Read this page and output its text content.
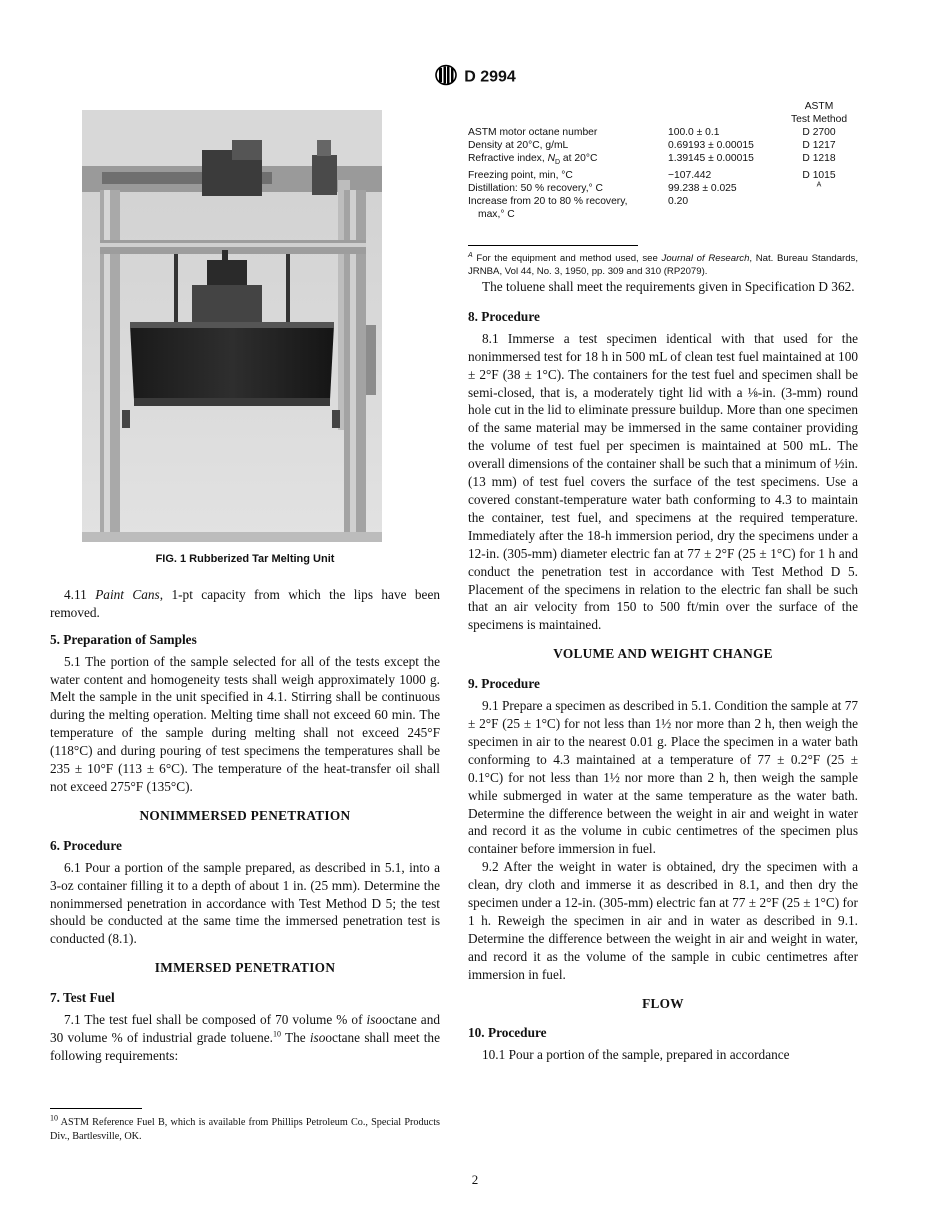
D 2994
FIG. 1 Rubberized Tar Melting Unit

4.11 Paint Cans, 1-pt capacity from which the lips have been removed.

5. Preparation of Samples

5.1 The portion of the sample selected for all of the tests except the water content and homogeneity tests shall weigh approximately 1000 g. Melt the sample in the unit specified in 4.1. Stirring shall be continuous during the melting operation. Melting time shall not exceed 60 min. The temperature of the sample during melting shall not exceed 245°F (118°C) and during pouring of test specimens the temperatures shall be 235 ± 10°F (113 ± 6°C). The temperature of the heat-transfer oil shall not exceed 275°F (135°C).

NONIMMERSED PENETRATION

6. Procedure

6.1 Pour a portion of the sample prepared, as described in 5.1, into a 3-oz container filling it to a depth of about 1 in. (25 mm). Determine the nonimmersed penetration in accordance with Test Method D 5; the test should be conducted at the same time the immersed penetration test is conducted (8.1).

IMMERSED PENETRATION

7. Test Fuel

7.1 The test fuel shall be composed of 70 volume % of isooctane and 30 volume % of industrial grade toluene.$^{10}$ The isooctane shall meet the following requirements:

$^{10}$ ASTM Reference Fuel B, which is available from Phillips Petroleum Co., Special Products Div., Bartlesville, OK.
		ASTM
Test Method
ASTM motor octane number	100.0 ± 0.1	D 2700
Density at 20°C, g/mL	0.69193 ± 0.00015	D 1217
Refractive index, $N_D$ at 20°C	1.39145 ± 0.00015	D 1218
Freezing point, min, °C	−107.442	D 1015
Distillation: 50 % recovery,° C	99.238 ± 0.025	$^A$
Increase from 20 to 80 % recovery,
max,° C	0.20	
$^A$ For the equipment and method used, see Journal of Research, Nat. Bureau Standards, JRNBA, Vol 44, No. 3, 1950, pp. 309 and 310 (RP2079).

The toluene shall meet the requirements given in Specification D 362.

8. Procedure

8.1 Immerse a test specimen identical with that used for the nonimmersed test for 18 h in 500 mL of clean test fuel maintained at 100 ± 2°F (38 ± 1°C). The containers for the test fuel and specimen shall be semi-closed, that is, a moderately tight lid with a ⅛-in. (3-mm) round hole cut in the lid to eliminate pressure buildup. More than one specimen of the same material may be immersed in the same container providing the volume of test fuel per specimen is maintained at 500 mL. The overall dimensions of the container shall be such that a minimum of ½in. (13 mm) of test fuel covers the surface of the test specimens. Use a covered constant-temperature water bath conforming to 4.3 to maintain the container, test fuel, and specimens at the required temperature. Immediately after the 18-h immersion period, dry the specimens under a 12-in. (305-mm) diameter electric fan at 77 ± 2°F (25 ± 1°C) for 1 h and conduct the penetration test in accordance with Test Method D 5. Placement of the specimens in relation to the electric fan shall be such that an air velocity from 150 to 500 ft/min over the surface of the specimens is maintained.

VOLUME AND WEIGHT CHANGE

9. Procedure

9.1 Prepare a specimen as described in 5.1. Condition the sample at 77 ± 2°F (25 ± 1°C) for not less than 1½ nor more than 2 h, then weigh the specimen in air to the nearest 0.01 g. Place the specimen in a water bath conforming to 4.3 maintained at a temperature of 77 ± 0.2°F (25 ± 0.1°C) for not less than 1½ nor more than 2 h, then weigh the sample while submerged in water at the same temperature as the water bath. Determine the difference between the weight in air and weight in water and record it as the volume in cubic centimetres of the specimen plus container before immersion in fuel.

9.2 After the weight in water is obtained, dry the specimen with a clean, dry cloth and immerse it as described in 8.1, and then dry the specimen under a 12-in. (305-mm) electric fan at 77 ± 2°F (25 ± 1°C) for 1 h. Reweigh the specimen in air and in water as described in 9.1. Determine the difference between the weight in air and weight in water, and record it as the volume of the sample in cubic centimetres after immersion in fuel.

FLOW

10. Procedure

10.1 Pour a portion of the sample, prepared in accordance

2
